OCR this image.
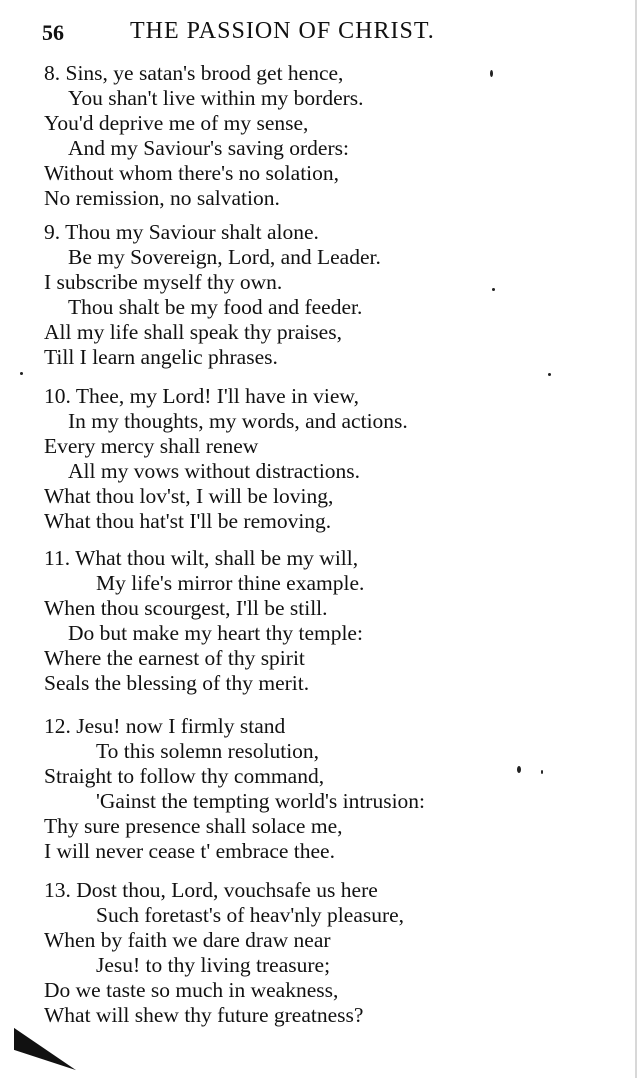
56	THE PASSION OF CHRIST.
8. Sins, ye satan's brood get hence,
You shan't live within my borders.
You'd deprive me of my sense,
And my Saviour's saving orders:
Without whom there's no solation,
No remission, no salvation.
9. Thou my Saviour shalt alone.
Be my Sovereign, Lord, and Leader.
I subscribe myself thy own.
Thou shalt be my food and feeder.
All my life shall speak thy praises,
Till I learn angelic phrases.
10. Thee, my Lord! I'll have in view,
In my thoughts, my words, and actions.
Every mercy shall renew
All my vows without distractions.
What thou lov'st, I will be loving,
What thou hat'st I'll be removing.
11. What thou wilt, shall be my will,
My life's mirror thine example.
When thou scourgest, I'll be still.
Do but make my heart thy temple:
Where the earnest of thy spirit
Seals the blessing of thy merit.
12. Jesu! now I firmly stand
To this solemn resolution,
Straight to follow thy command,
'Gainst the tempting world's intrusion:
Thy sure presence shall solace me,
I will never cease t' embrace thee.
13. Dost thou, Lord, vouchsafe us here
Such foretast's of heav'nly pleasure,
When by faith we dare draw near
Jesu! to thy living treasure;
Do we taste so much in weakness,
What will shew thy future greatness?
